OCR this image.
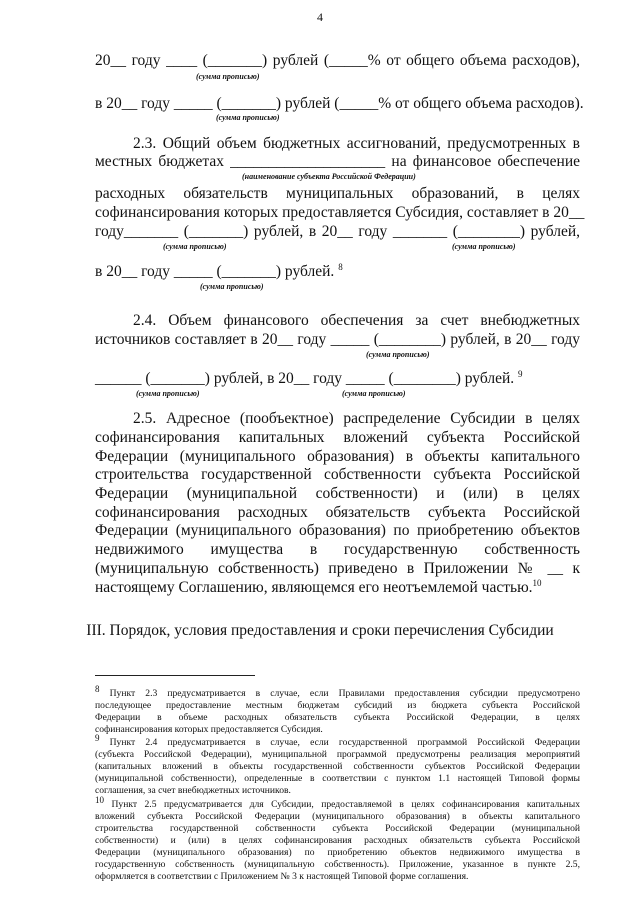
4
20__ году ____ (_______) рублей (_____% от общего объема расходов),
(сумма прописью)
в 20__ году _____ (_______) рублей (_____% от общего объема расходов).
(сумма прописью)
2.3. Общий объем бюджетных ассигнований, предусмотренных в
местных бюджетах ____________________ на финансовое обеспечение
(наименование субъекта Российской Федерации)
расходных обязательств муниципальных образований, в целях
софинансирования которых предоставляется Субсидия, составляет в 20__
году_______ (_______) рублей, в 20__ году _______ (________) рублей,
(сумма прописью)	(сумма прописью)
в 20__ году _____ (_______) рублей. $^8$
(сумма прописью)
2.4. Объем финансового обеспечения за счет внебюджетных
источников составляет в 20__ году _____ (________) рублей, в 20__ году
(сумма прописью)
______ (_______) рублей, в 20__ году _____ (________) рублей. $^9$
(сумма прописью)	(сумма прописью)
2.5. Адресное (пообъектное) распределение Субсидии в целях
софинансирования капитальных вложений субъекта Российской
Федерации (муниципального образования) в объекты капитального
строительства государственной собственности субъекта Российской
Федерации (муниципальной собственности) и (или) в целях
софинансирования расходных обязательств субъекта Российской
Федерации (муниципального образования) по приобретению объектов
недвижимого имущества в государственную собственность
(муниципальную собственность) приведено в Приложении № __ к
настоящему Соглашению, являющемся его неотъемлемой частью.$^{10}$
III. Порядок, условия предоставления и сроки перечисления Субсидии
$^8$ Пункт 2.3 предусматривается в случае, если Правилами предоставления субсидии предусмотрено
последующее предоставление местным бюджетам субсидий из бюджета субъекта Российской
Федерации в объеме расходных обязательств субъекта Российской Федерации, в целях
софинансирования которых предоставляется Субсидия.
$^9$ Пункт 2.4 предусматривается в случае, если государственной программой Российской Федерации
(субъекта Российской Федерации), муниципальной программой предусмотрены реализация мероприятий
(капитальных вложений в объекты государственной собственности субъектов Российской Федерации
(муниципальной собственности), определенные в соответствии с пунктом 1.1 настоящей Типовой формы
соглашения, за счет внебюджетных источников.
$^{10}$ Пункт 2.5 предусматривается для Субсидии, предоставляемой в целях софинансирования капитальных
вложений субъекта Российской Федерации (муниципального образования) в объекты капитального
строительства государственной собственности субъекта Российской Федерации (муниципальной
собственности) и (или) в целях софинансирования расходных обязательств субъекта Российской
Федерации (муниципального образования) по приобретению объектов недвижимого имущества в
государственную собственность (муниципальную собственность). Приложение, указанное в пункте 2.5,
оформляется в соответствии с Приложением № 3 к настоящей Типовой форме соглашения.
